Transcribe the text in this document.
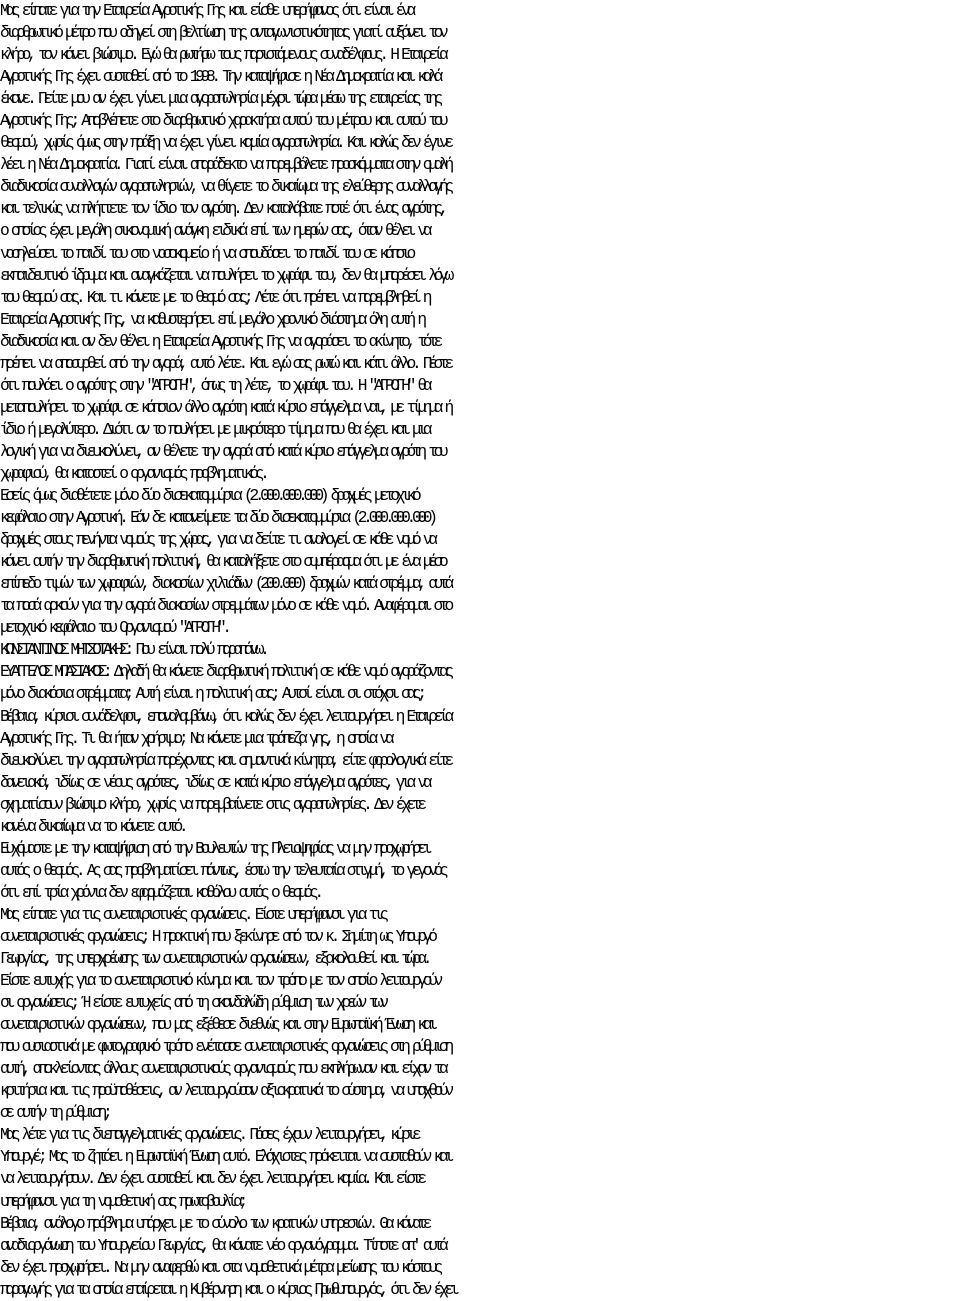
Μας είπατε για την Εταιρεία Αγροτικής Γης και είσθε υπερήφανος ότι είναι ένα
διαρθρωτικό μέτρο που οδηγεί στη βελτίωση της ανταγωνιστικότητας γιατί αυξάνει τον
κλήρο, τον κάνει βιώσιμο. Εγώ θα ρωτήσω τους παριστάμενους συναδέλφους. Η Εταιρεία
Αγροτικής Γης έχει συσταθεί από το 1998. Την καταψήφισε η Νέα Δημοκρατία και καλά
έκανε. Πείτε μου αν έχει γίνει μια αγοραπωλησία μέχρι τώρα μέσω της εταιρείας της
Αγροτικής Γης; Αποβλέπετε στο διαρθρωτικό χαρακτήρα αυτού του μέτρου και αυτού του
θεσμού, χωρίς όμως στην πράξη να έχει γίνει καμία αγοραπωλησία. Και καλώς δεν έγινε
λέει η Νέα Δημοκρατία. Γιατί είναι απαράδεκτο να παρεμβάλετε προσκόμματα στην ομαλή
διαδικασία συναλλαγών αγοραπωλησιών, να θίγετε το δικαίωμα της ελεύθερης συναλλαγής
και τελικώς να πλήττετε τον ίδιο τον αγρότη. Δεν καταλάβατε ποτέ ότι ένας αγρότης,
ο οποίος έχει μεγάλη οικονομική ανάγκη ειδικά επί των ημερών σας, όταν θέλει να
νοσηλεύσει το παιδί του στο νοσοκομείο ή να σπουδάσει το παιδί του σε κάποιο
εκπαιδευτικό ίδρυμα και αναγκάζεται να πουλήσει το χωράφι του, δεν θα μπορέσει λόγω
του θεσμού σας. Και τι κάνετε με το θεσμό σας; Λέτε ότι πρέπει να παρεμβληθεί η
Εταιρεία Αγροτικής Γης, να καθυστερήσει επί μεγάλο χρονικό διάστημα όλη αυτή η
διαδικασία και αν δεν θέλει η Εταιρεία Αγροτικής Γης να αγοράσει το ακίνητο, τότε
πρέπει να αποσυρθεί από την αγορά, αυτό λέτε. Και εγώ σας ρωτώ και κάτι άλλο. Πέστε
ότι πουλάει ο αγρότης στην "ΑΓΡΟΓΗ", όπως τη λέτε, το χωράφι του. Η "ΑΓΡΟΓΗ" θα
μεταπουλήσει το χωράφι σε κάποιον άλλο αγρότη κατά κύριο επάγγελμα ναι, με τίμημα ή
ίδιο ή μεγαλύτερο. Διότι αν το πουλήσει με μικρότερο τίμημα που θα έχει και μια
λογική για να διευκολύνει, αν θέλετε την αγορά από κατά κύριο επάγγελμα αγρότη του
χωραφιού, θα καταστεί ο οργανισμός προβληματικός.
Εσείς όμως διαθέτετε μόνο δύο δισεκατομμύρια (2.000.000.000) δραχμές μετοχικό
κεφάλαιο στην Αγροτική. Εάν δε κατανείμετε τα δύο δισεκατομμύρια (2.000.000.000)
δραχμές στους πενήντα νομούς της χώρας, για να δείτε τι αναλογεί σε κάθε νομό να
κάνει αυτήν την διαρθρωτική πολιτική, θα καταλήξετε στο συμπέρασμα ότι με ένα μέσο
επίπεδο τιμών των χωραφιών, διακοσίων χιλιάδων (200.000) δραχμών κατά στρέμμα, αυτά
τα ποσά αρκούν για την αγορά διακοσίων στρεμμάτων μόνο σε κάθε νομό. Αναφέρομαι στο
μετοχικό κεφάλαιο του Οργανισμού "ΑΓΡΟΓΗ".
ΚΩΝΣΤΑΝΤΙΝΟΣ ΜΗΤΣΟΤΑΚΗΣ: Που είναι πολύ παραπάνω.
ΕΥΑΓΓΕΛΟΣ ΜΠΑΣΙΑΚΟΣ: Δηλαδή θα κάνετε διαρθρωτική πολιτική σε κάθε νομό αγοράζοντας
μόνο διακόσια στρέμματα; Αυτή είναι η πολιτική σας; Αυτοί είναι οι στόχοι σας;
Βέβαια, κύριοι συνάδελφοι, επαναλαμβάνω, ότι καλώς δεν έχει λειτουργήσει η Εταιρεία
Αγροτικής Γης. Τι θα ήταν χρήσιμο; Να κάνετε μια τράπεζα γης, η οποία να
διευκολύνει την αγοραπωλησία παρέχοντας και σημαντικά κίνητρα, είτε φορολογικά είτε
δανειακά, ιδίως σε νέους αγρότες, ιδίως σε κατά κύριο επάγγελμα αγρότες, για να
σχηματίσουν βιώσιμο κλήρο, χωρίς να παρεμβαίνετε στις αγοραπωλησίες. Δεν έχετε
κανένα δικαίωμα να το κάνετε αυτό.
Ευχόμαστε με την καταψήφιση από την Βουλευτών της Πλειοψηφίας να μην προχωρήσει
αυτός ο θεσμός. Ας σας προβληματίσει πάντως, έστω την τελευταία στιγμή, το γεγονός
ότι επί τρία χρόνια δεν εφαρμόζεται καθόλου αυτός ο θεσμός.
Μας είπατε για τις συνεταιριστικές οργανώσεις. Είστε υπερήφανοι για τις
συνεταιριστικές οργανώσεις; Η πρακτική που ξεκίνησε από τον κ. Σημίτη ως Υπουργό
Γεωργίας, της υπερχρέωσης των συνεταιριστικών οργανώσεων, εξακολουθεί και τώρα.
Είστε ευτυχής για το συνεταιριστικό κίνημα και τον τρόπο με τον οποίο λειτουργούν
οι οργανώσεις; Ή είστε ευτυχείς από τη σκανδαλώδη ρύθμιση των χρεών των
συνεταιριστικών οργανώσεων, που μας εξέθεσε διεθνώς και στην Ευρωπαϊκή Ένωση και
που ουσιαστικά με φωτογραφικό τρόπο ενέτασσε συνεταιριστικές οργανώσεις στη ρύθμιση
αυτή, αποκλείοντας άλλους συνεταιριστικούς οργανισμούς που εκπλήρωναν και είχαν τα
κριτήρια και τις προϋποθέσεις, αν λειτουργούσαν αξιοκρατικά το σύστημα, να υπαχθούν
σε αυτήν τη ρύθμιση;
Μας λέτε για τις διεπαγγελματικές οργανώσεις. Πόσες έχουν λειτουργήσει, κύριε
Υπουργέ; Μας το ζητάει η Ευρωπαϊκή Ένωση αυτό. Ελάχιστες πρόκειται να συσταθούν και
να λειτουργήσουν. Δεν έχει συσταθεί και δεν έχει λειτουργήσει καμία. Και είστε
υπερήφανοι για τη νομοθετική σας πρωτοβουλία;
Βέβαια, ανάλογο πρόβλημα υπάρχει με το σύνολο των κρατικών υπηρεσιών. Θα κάνατε
αναδιοργάνωση του Υπουργείου Γεωργίας, θα κάνατε νέο οργανόγραμμα. Τίποτε απ' αυτά
δεν έχει προχωρήσει. Να μην αναφερθώ και στα νομοθετικά μέτρα μείωσης του κόστους
παραγωγής για τα οποία επαίρεται η Κυβέρνηση και ο κύριος Πρωθυπουργός, ότι δεν έχει
